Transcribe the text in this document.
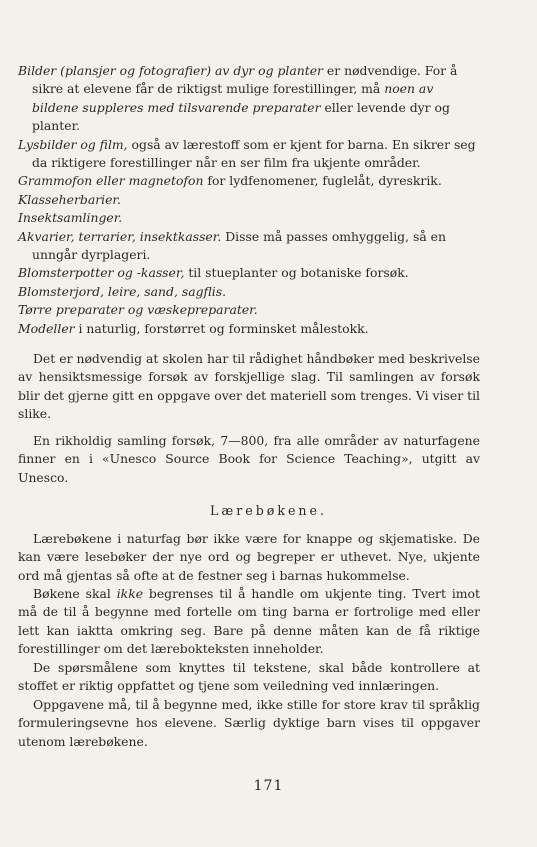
Bilder (plansjer og fotografier) av dyr og planter er nødvendige. For å sikre at elevene får de riktigst mulige forestillinger, må noen av bildene suppleres med tilsvarende preparater eller levende dyr og planter.
Lysbilder og film, også av lærestoff som er kjent for barna. En sikrer seg da riktigere forestillinger når en ser film fra ukjente områder.
Grammofon eller magnetofon for lydfenomener, fuglelåt, dyreskrik.
Klasseherbarier.
Insektsamlinger.
Akvarier, terrarier, insektkasser. Disse må passes omhyggelig, så en unngår dyrplageri.
Blomsterpotter og -kasser, til stueplanter og botaniske forsøk.
Blomsterjord, leire, sand, sagflis.
Tørre preparater og væskepreparater.
Modeller i naturlig, forstørret og forminsket målestokk.
Det er nødvendig at skolen har til rådighet håndbøker med beskrivelse av hensiktsmessige forsøk av forskjellige slag. Til samlingen av forsøk blir det gjerne gitt en oppgave over det materiell som trenges. Vi viser til slike.
En rikholdig samling forsøk, 7—800, fra alle områder av naturfagene finner en i «Unesco Source Book for Science Teaching», utgitt av Unesco.
Lærebøkene.
Lærebøkene i naturfag bør ikke være for knappe og skjematiske. De kan være lesebøker der nye ord og begreper er uthevet. Nye, ukjente ord må gjentas så ofte at de festner seg i barnas hukommelse.
Bøkene skal ikke begrenses til å handle om ukjente ting. Tvert imot må de til å begynne med fortelle om ting barna er fortrolige med eller lett kan iaktta omkring seg. Bare på denne måten kan de få riktige forestillinger om det lærebokteksten inneholder.
De spørsmålene som knyttes til tekstene, skal både kontrollere at stoffet er riktig oppfattet og tjene som veiledning ved innlæringen.
Oppgavene må, til å begynne med, ikke stille for store krav til språklig formuleringsevne hos elevene. Særlig dyktige barn vises til oppgaver utenom lærebøkene.
171
